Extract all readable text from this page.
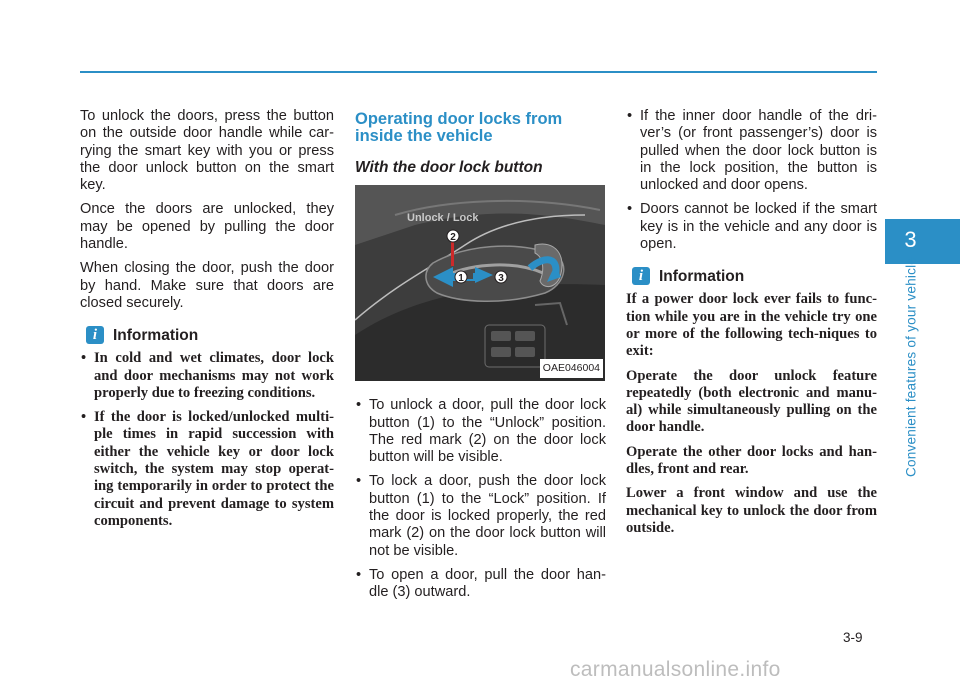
To unlock the doors, press the button on the outside door handle while car-rying the smart key with you or press the door unlock button on the smart key.

Once the doors are unlocked, they may be opened by pulling the door handle.

When closing the door, push the door by hand. Make sure that doors are closed securely.

i	Information
• In cold and wet climates, door lock and door mechanisms may not work properly due to freezing conditions.
• If the door is locked/unlocked multi-ple times in rapid succession with either the vehicle key or door lock switch, the system may stop operat-ing temporarily in order to protect the circuit and prevent damage to system components.
Operating door locks from inside the vehicle
With the door lock button
2
1	3
Unlock / Lock
OAE046004
• To unlock a door, pull the door lock button (1) to the “Unlock” position. The red mark (2) on the door lock button will be visible.
• To lock a door, push the door lock button (1) to the “Lock” position. If the door is locked properly, the red mark (2) on the door lock button will not be visible.
• To open a door, pull the door han-dle (3) outward.
• If the inner door handle of the dri-ver’s (or front passenger’s) door is pulled when the door lock button is in the lock position, the button is unlocked and door opens.
• Doors cannot be locked if the smart key is in the vehicle and any door is open.
i	Information

If a power door lock ever fails to func-tion while you are in the vehicle try one or more of the following tech-niques to exit:

Operate the door unlock feature repeatedly (both electronic and manu-al) while simultaneously pulling on the door handle.

Operate the other door locks and han-dles, front and rear.

Lower a front window and use the mechanical key to unlock the door from outside.

3
Convenient features of your vehicle
3-9
carmanualsonline.info
